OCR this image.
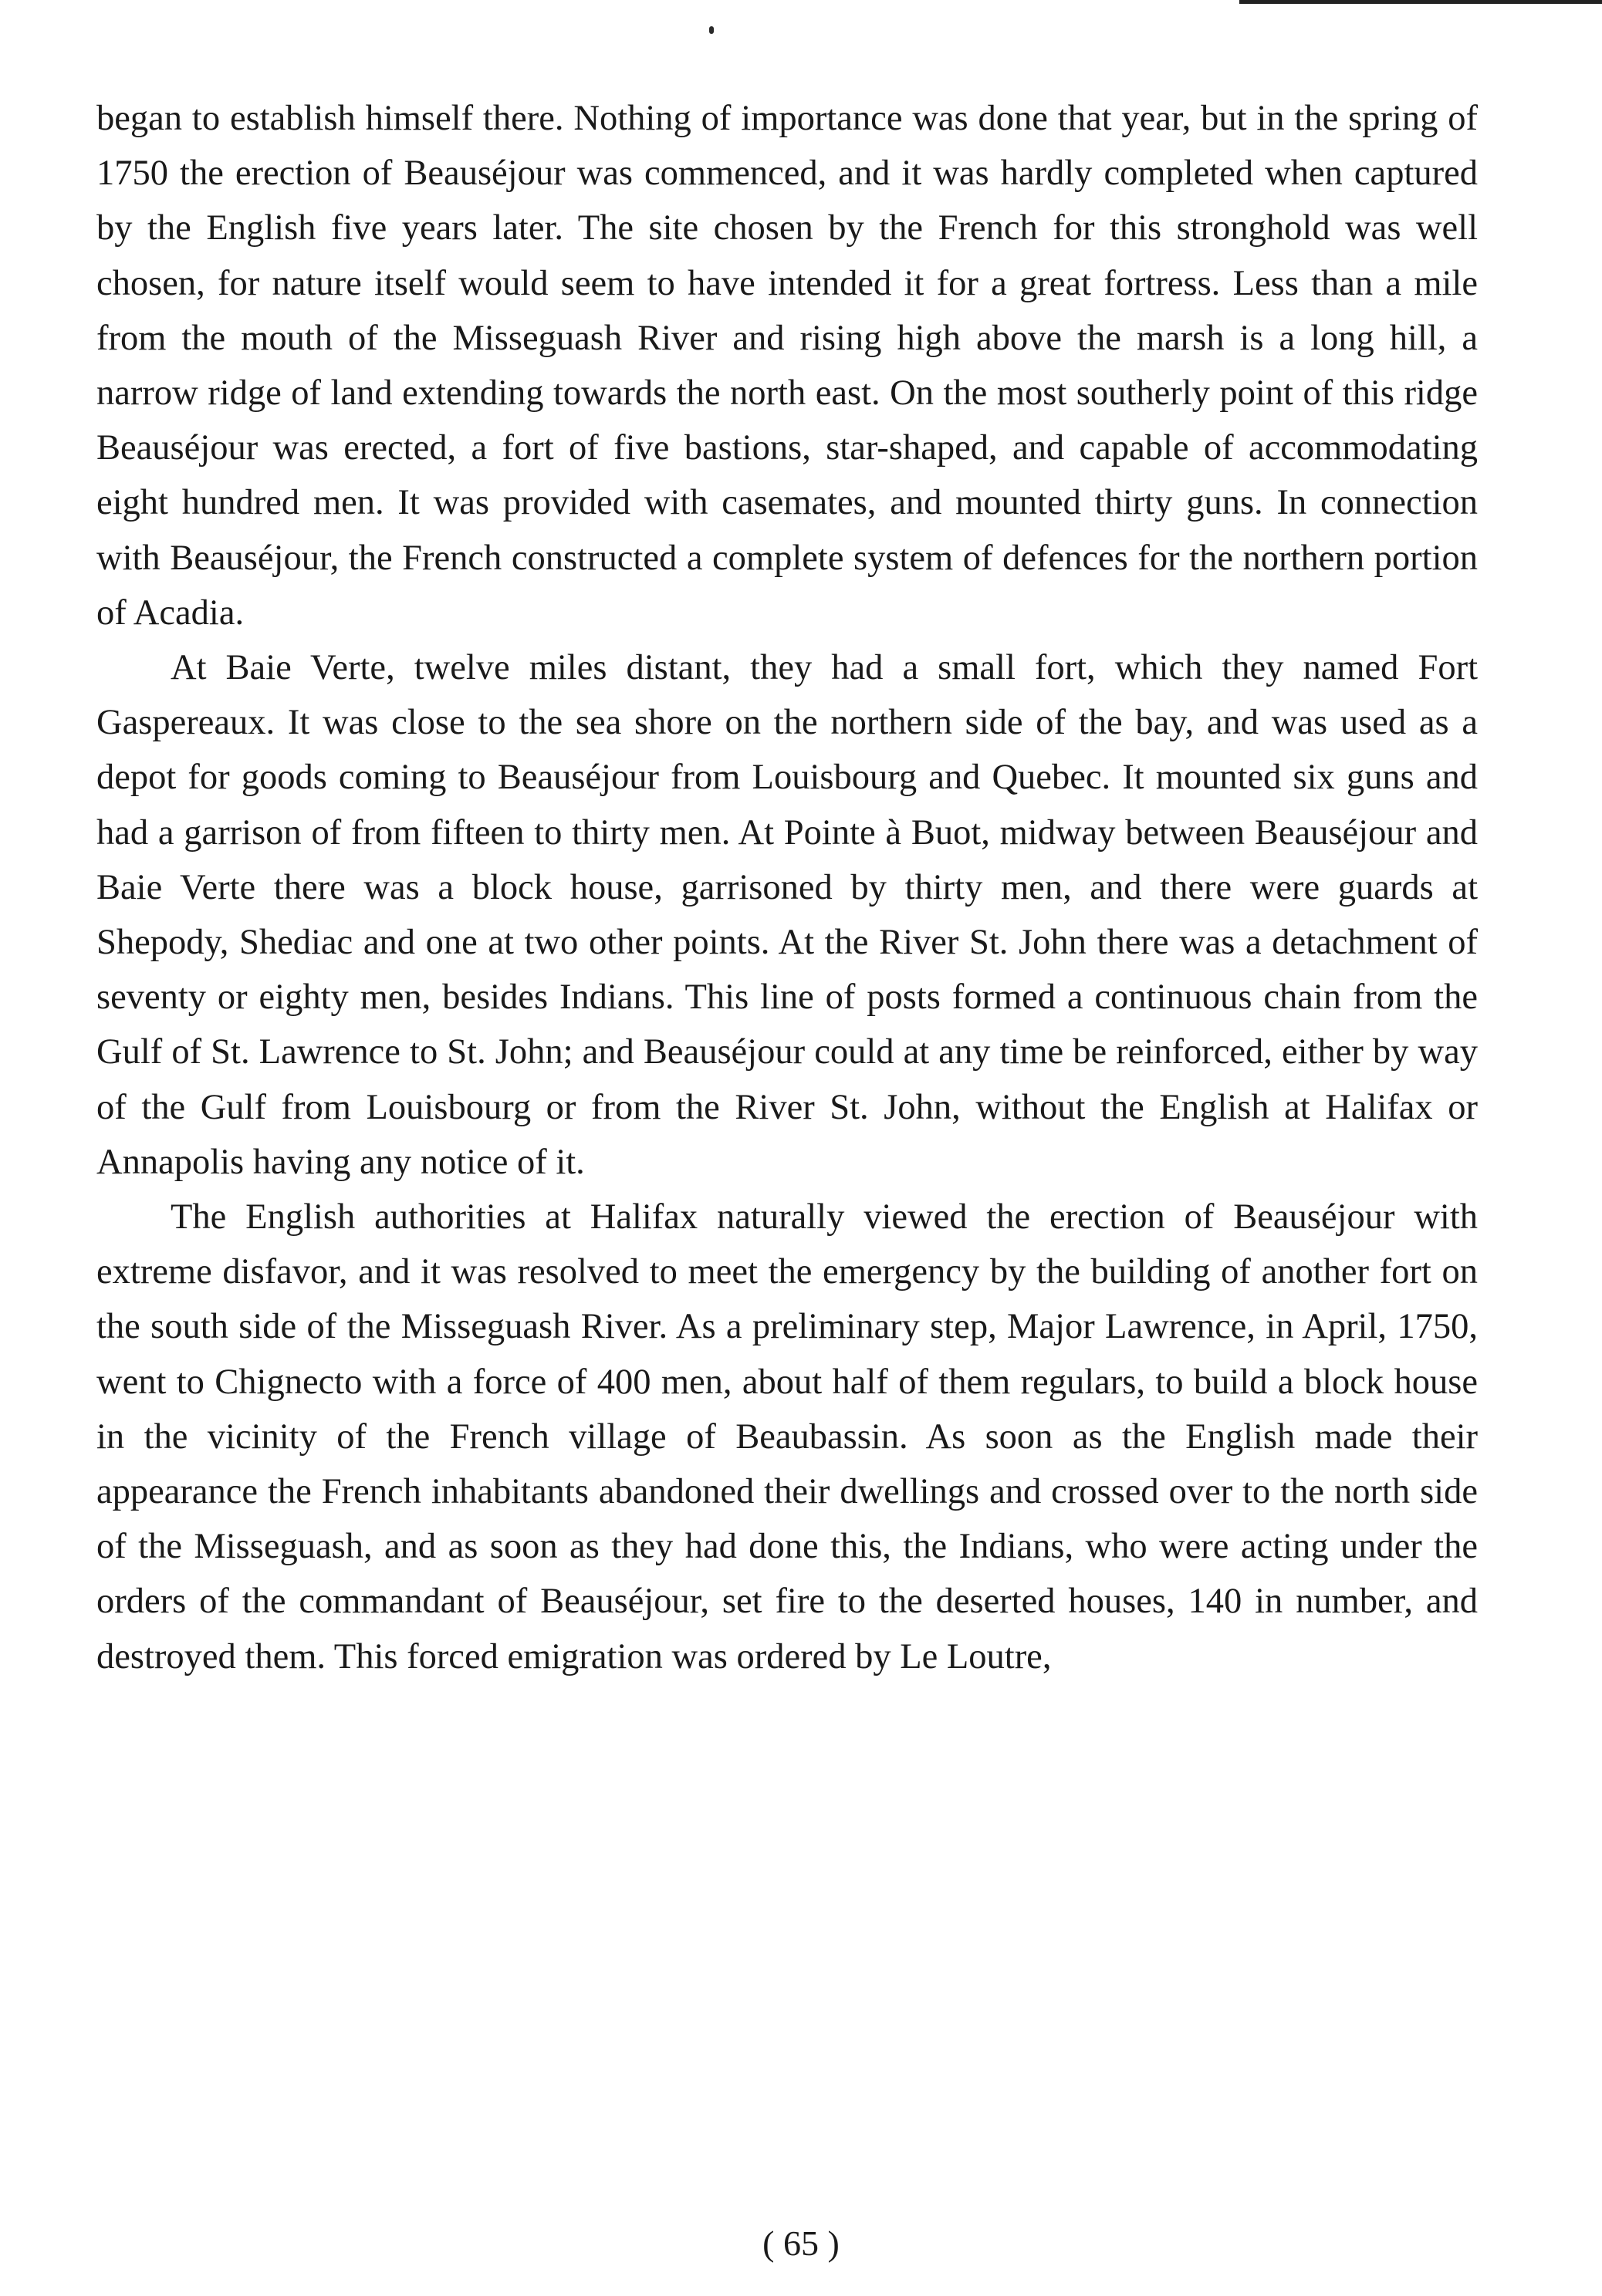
began to establish himself there. Nothing of importance was done that year, but in the spring of 1750 the erection of Beauséjour was commenced, and it was hardly completed when captured by the English five years later. The site chosen by the French for this stronghold was well chosen, for nature itself would seem to have intended it for a great fortress. Less than a mile from the mouth of the Misseguash River and rising high above the marsh is a long hill, a narrow ridge of land extending towards the north east. On the most southerly point of this ridge Beauséjour was erected, a fort of five bastions, star-shaped, and capable of accommodating eight hundred men. It was provided with casemates, and mounted thirty guns. In connection with Beauséjour, the French constructed a complete system of defences for the northern portion of Acadia.

At Baie Verte, twelve miles distant, they had a small fort, which they named Fort Gaspereaux. It was close to the sea shore on the northern side of the bay, and was used as a depot for goods coming to Beauséjour from Louisbourg and Quebec. It mounted six guns and had a garrison of from fifteen to thirty men. At Pointe à Buot, midway between Beauséjour and Baie Verte there was a block house, garrisoned by thirty men, and there were guards at Shepody, Shediac and one at two other points. At the River St. John there was a detachment of seventy or eighty men, besides Indians. This line of posts formed a continuous chain from the Gulf of St. Lawrence to St. John; and Beauséjour could at any time be reinforced, either by way of the Gulf from Louisbourg or from the River St. John, without the English at Halifax or Annapolis having any notice of it.

The English authorities at Halifax naturally viewed the erection of Beauséjour with extreme disfavor, and it was resolved to meet the emergency by the building of another fort on the south side of the Misseguash River. As a preliminary step, Major Lawrence, in April, 1750, went to Chignecto with a force of 400 men, about half of them regulars, to build a block house in the vicinity of the French village of Beaubassin. As soon as the English made their appearance the French inhabitants abandoned their dwellings and crossed over to the north side of the Misseguash, and as soon as they had done this, the Indians, who were acting under the orders of the commandant of Beauséjour, set fire to the deserted houses, 140 in number, and destroyed them. This forced emigration was ordered by Le Loutre,

( 65 )
